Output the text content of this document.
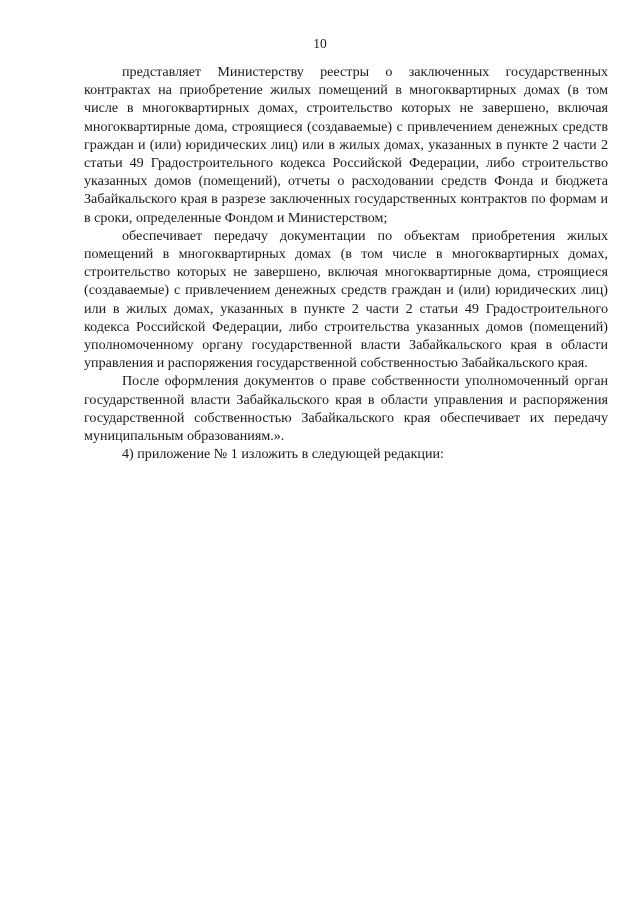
10

представляет Министерству реестры о заключенных государственных контрактах на приобретение жилых помещений в многоквартирных домах (в том числе в многоквартирных домах, строительство которых не завершено, включая многоквартирные дома, строящиеся (создаваемые) с привлечением денежных средств граждан и (или) юридических лиц) или в жилых домах, указанных в пункте 2 части 2 статьи 49 Градостроительного кодекса Российской Федерации, либо строительство указанных домов (помещений), отчеты о расходовании средств Фонда и бюджета Забайкальского края в разрезе заключенных государственных контрактов по формам и в сроки, определенные Фондом и Министерством;

обеспечивает передачу документации по объектам приобретения жилых помещений в многоквартирных домах (в том числе в многоквартирных домах, строительство которых не завершено, включая многоквартирные дома, строящиеся (создаваемые) с привлечением денежных средств граждан и (или) юридических лиц) или в жилых домах, указанных в пункте 2 части 2 статьи 49 Градостроительного кодекса Российской Федерации, либо строительства указанных домов (помещений) уполномоченному органу государственной власти Забайкальского края в области управления и распоряжения государственной собственностью Забайкальского края.

После оформления документов о праве собственности уполномоченный орган государственной власти Забайкальского края в области управления и распоряжения государственной собственностью Забайкальского края обеспечивает их передачу муниципальным образованиям.».

4) приложение № 1 изложить в следующей редакции:
